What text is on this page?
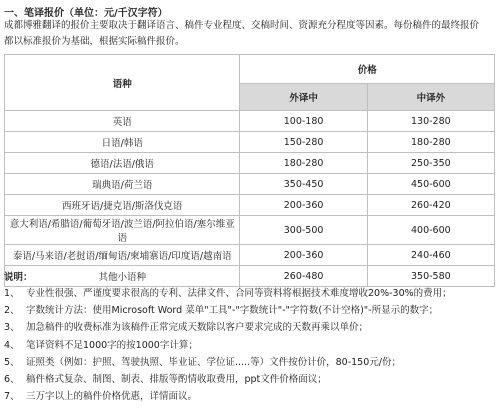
一、笔译报价（单位：元/千汉字符）
成都博雅翻译的报价主要取决于翻译语言、稿件专业程度、交稿时间、资源充分程度等因素。每份稿件的最终报价
都以标准报价为基础，根据实际稿件报价。
语种	价格	
	外译中	中译外
英语	100-180	130-280
日语/韩语	150-280	180-280
德语/法语/俄语	180-280	250-350
瑞典语/荷兰语	350-450	450-600
西班牙语/捷克语/斯洛伐克语	200-360	260-420
意大利语/希腊语/葡萄牙语/波兰语/阿拉伯语/塞尔维亚语	300-500	400-600
泰语/马来语/老挝语/缅甸语/柬埔寨语/印度语/越南语	200-360	240-460
其他小语种	260-480	350-580
说明：
1、 专业性很强、严谨度要求很高的专利、法律文件、合同等资料将根据技术难度增收20%-30%的费用；
2、 字数统计方法：使用Microsoft Word 菜单"工具"-"字数统计"-"字符数(不计空格)"-所显示的数字；
3、 加急稿件的收费标准为该稿件正常完成天数除以客户要求完成的天数再乘以单价；
4、 笔译资料不足1000字的按1000字计算；
5、 证照类（例如：护照、驾驶执照、毕业证、学位证.....等）文件按份计价，80-150元/份；
6、 稿件格式复杂、制图、制表、排版等酌情收取费用，ppt文件价格面议；
7、 三万字以上的稿件价格优惠，详情面议。
